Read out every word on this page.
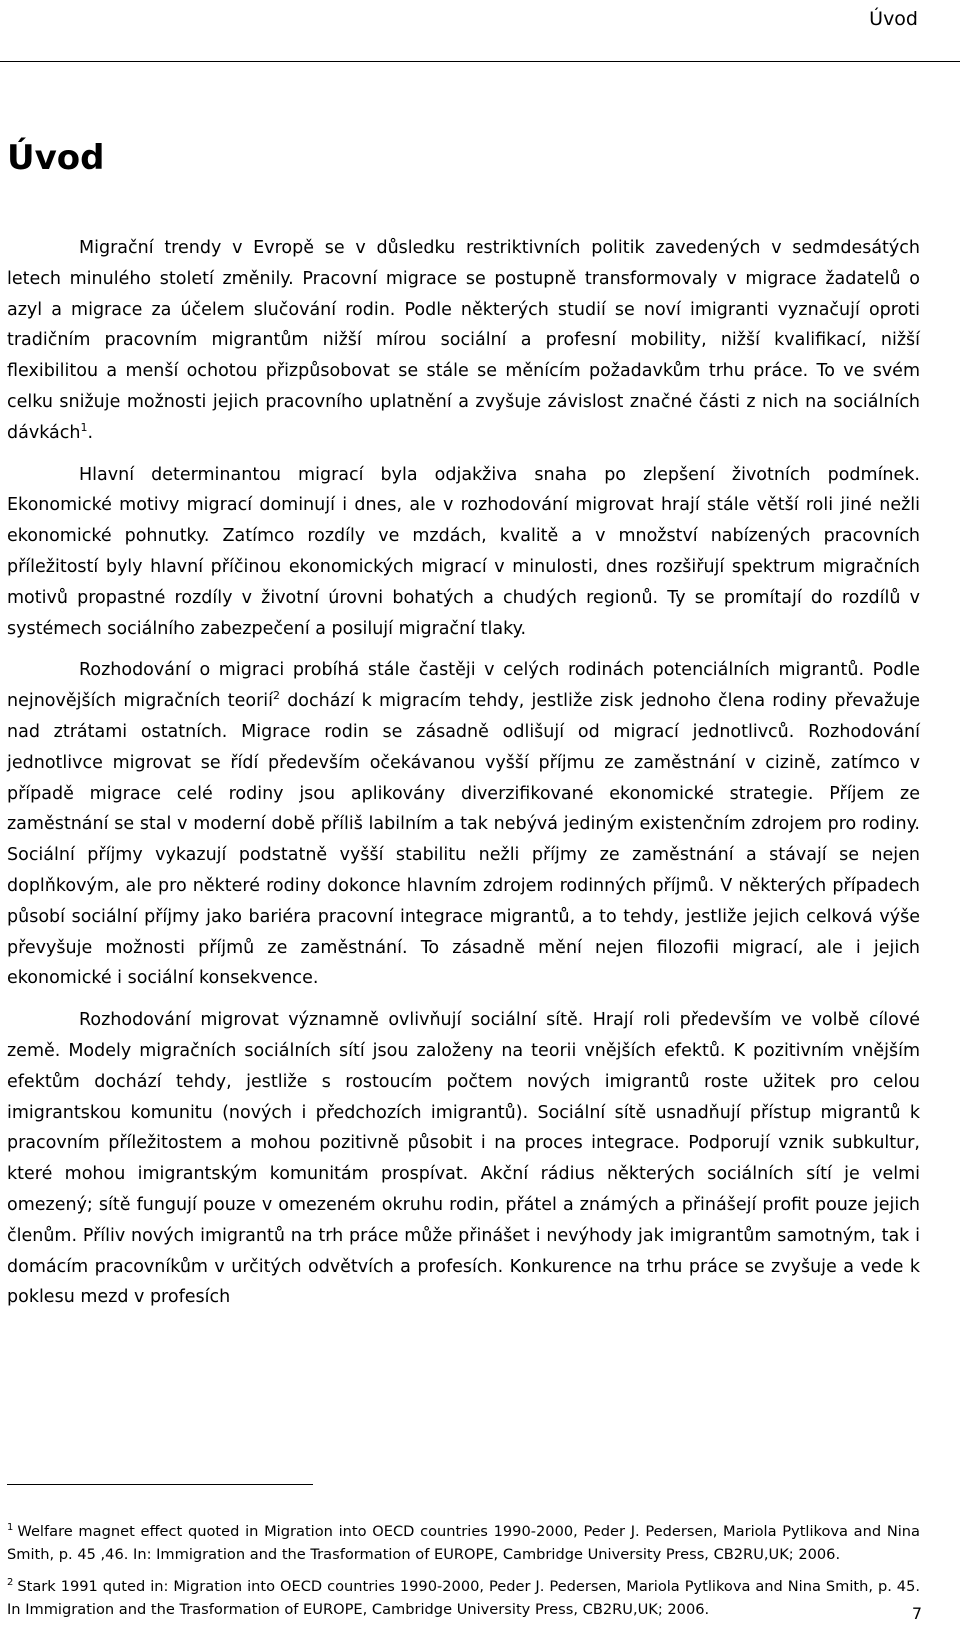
Úvod
Úvod

Migrační trendy v Evropě se v důsledku restriktivních politik zavedených v sedmdesátých letech minulého století změnily. Pracovní migrace se postupně transformovaly v migrace žadatelů o azyl a migrace za účelem slučování rodin. Podle některých studií se noví imigranti vyznačují oproti tradičním pracovním migrantům nižší mírou sociální a profesní mobility, nižší kvalifikací, nižší flexibilitou a menší ochotou přizpůsobovat se stále se měnícím požadavkům trhu práce. To ve svém celku snižuje možnosti jejich pracovního uplatnění a zvyšuje závislost značné části z nich na sociálních dávkách$^1$.

Hlavní determinantou migrací byla odjakživa snaha po zlepšení životních podmínek. Ekonomické motivy migrací dominují i dnes, ale v rozhodování migrovat hrají stále větší roli jiné nežli ekonomické pohnutky. Zatímco rozdíly ve mzdách, kvalitě a v množství nabízených pracovních příležitostí byly hlavní příčinou ekonomických migrací v minulosti, dnes rozšiřují spektrum migračních motivů propastné rozdíly v životní úrovni bohatých a chudých regionů. Ty se promítají do rozdílů v systémech sociálního zabezpečení a posilují migrační tlaky.

Rozhodování o migraci probíhá stále častěji v celých rodinách potenciálních migrantů. Podle nejnovějších migračních teorií$^2$ dochází k migracím tehdy, jestliže zisk jednoho člena rodiny převažuje nad ztrátami ostatních. Migrace rodin se zásadně odlišují od migrací jednotlivců. Rozhodování jednotlivce migrovat se řídí především očekávanou vyšší příjmu ze zaměstnání v cizině, zatímco v případě migrace celé rodiny jsou aplikovány diverzifikované ekonomické strategie. Příjem ze zaměstnání se stal v moderní době příliš labilním a tak nebývá jediným existenčním zdrojem pro rodiny. Sociální příjmy vykazují podstatně vyšší stabilitu nežli příjmy ze zaměstnání a stávají se nejen doplňkovým, ale pro některé rodiny dokonce hlavním zdrojem rodinných příjmů. V některých případech působí sociální příjmy jako bariéra pracovní integrace migrantů, a to tehdy, jestliže jejich celková výše převyšuje možnosti příjmů ze zaměstnání. To zásadně mění nejen filozofii migrací, ale i jejich ekonomické i sociální konsekvence.

Rozhodování migrovat významně ovlivňují sociální sítě. Hrají roli především ve volbě cílové země. Modely migračních sociálních sítí jsou založeny na teorii vnějších efektů. K pozitivním vnějším efektům dochází tehdy, jestliže s rostoucím počtem nových imigrantů roste užitek pro celou imigrantskou komunitu (nových i předchozích imigrantů). Sociální sítě usnadňují přístup migrantů k pracovním příležitostem a mohou pozitivně působit i na proces integrace. Podporují vznik subkultur, které mohou imigrantským komunitám prospívat. Akční rádius některých sociálních sítí je velmi omezený; sítě fungují pouze v omezeném okruhu rodin, přátel a známých a přinášejí profit pouze jejich členům. Příliv nových imigrantů na trh práce může přinášet i nevýhody jak imigrantům samotným, tak i domácím pracovníkům v určitých odvětvích a profesích. Konkurence na trhu práce se zvyšuje a vede k poklesu mezd v profesích

$^1$ Welfare magnet effect quoted in Migration into OECD countries 1990-2000, Peder J. Pedersen, Mariola Pytlikova and Nina Smith, p. 45 ,46. In: Immigration and the Trasformation of EUROPE, Cambridge University Press, CB2RU,UK; 2006.

$^2$ Stark 1991 quted in: Migration into OECD countries 1990-2000, Peder J. Pedersen, Mariola Pytlikova and Nina Smith, p. 45. In Immigration and the Trasformation of EUROPE, Cambridge University Press, CB2RU,UK; 2006.	7
